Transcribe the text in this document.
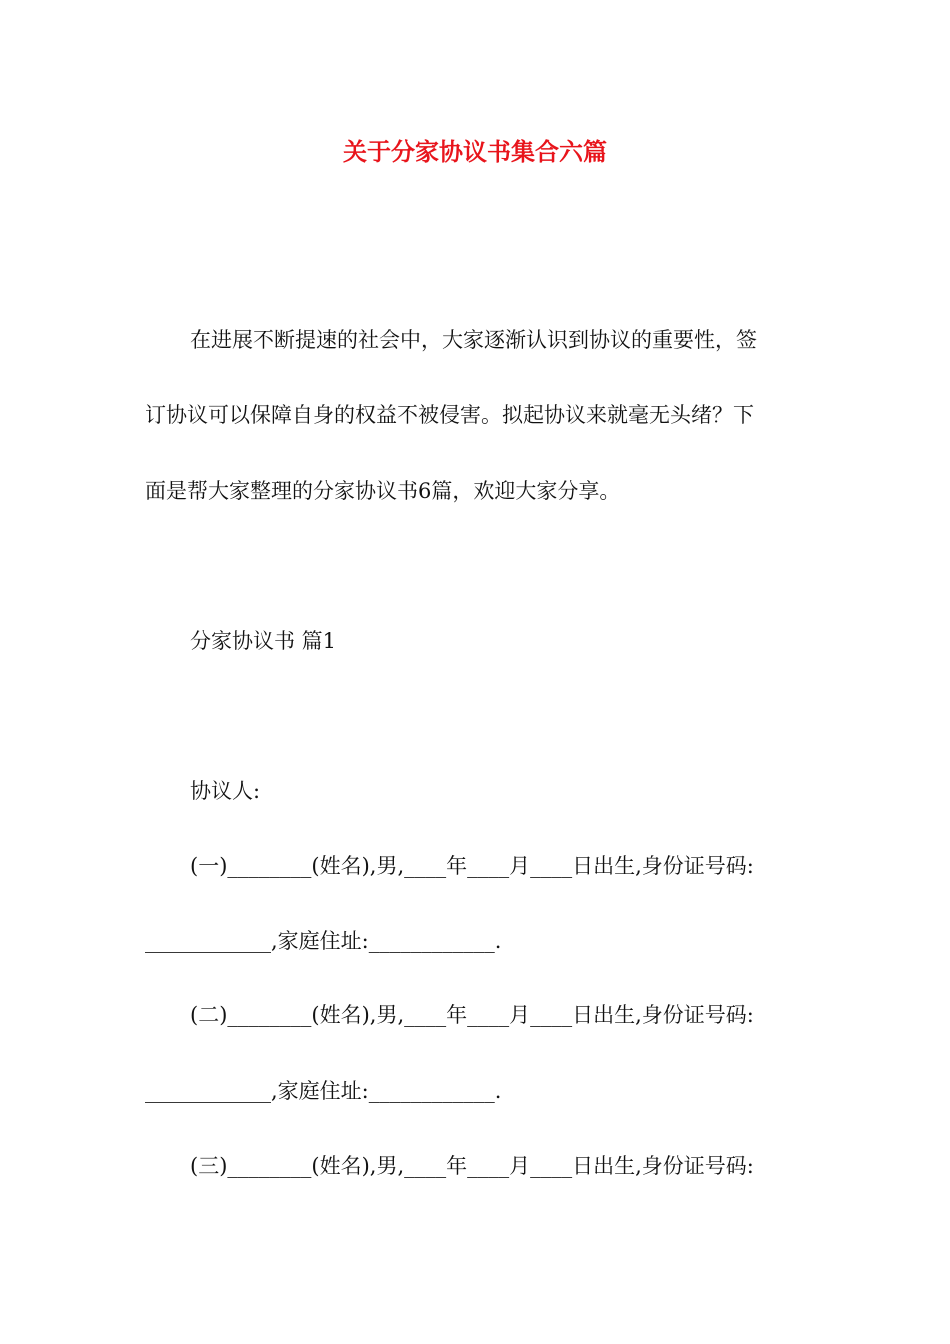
关于分家协议书集合六篇
在进展不断提速的社会中，大家逐渐认识到协议的重要性，签
订协议可以保障自身的权益不被侵害。拟起协议来就毫无头绪？下
面是帮大家整理的分家协议书6篇，欢迎大家分享。
分家协议书 篇1
协议人:
(一)________(姓名),男,____年____月____日出生,身份证号码:
____________,家庭住址:____________.
(二)________(姓名),男,____年____月____日出生,身份证号码:
____________,家庭住址:____________.
(三)________(姓名),男,____年____月____日出生,身份证号码:
